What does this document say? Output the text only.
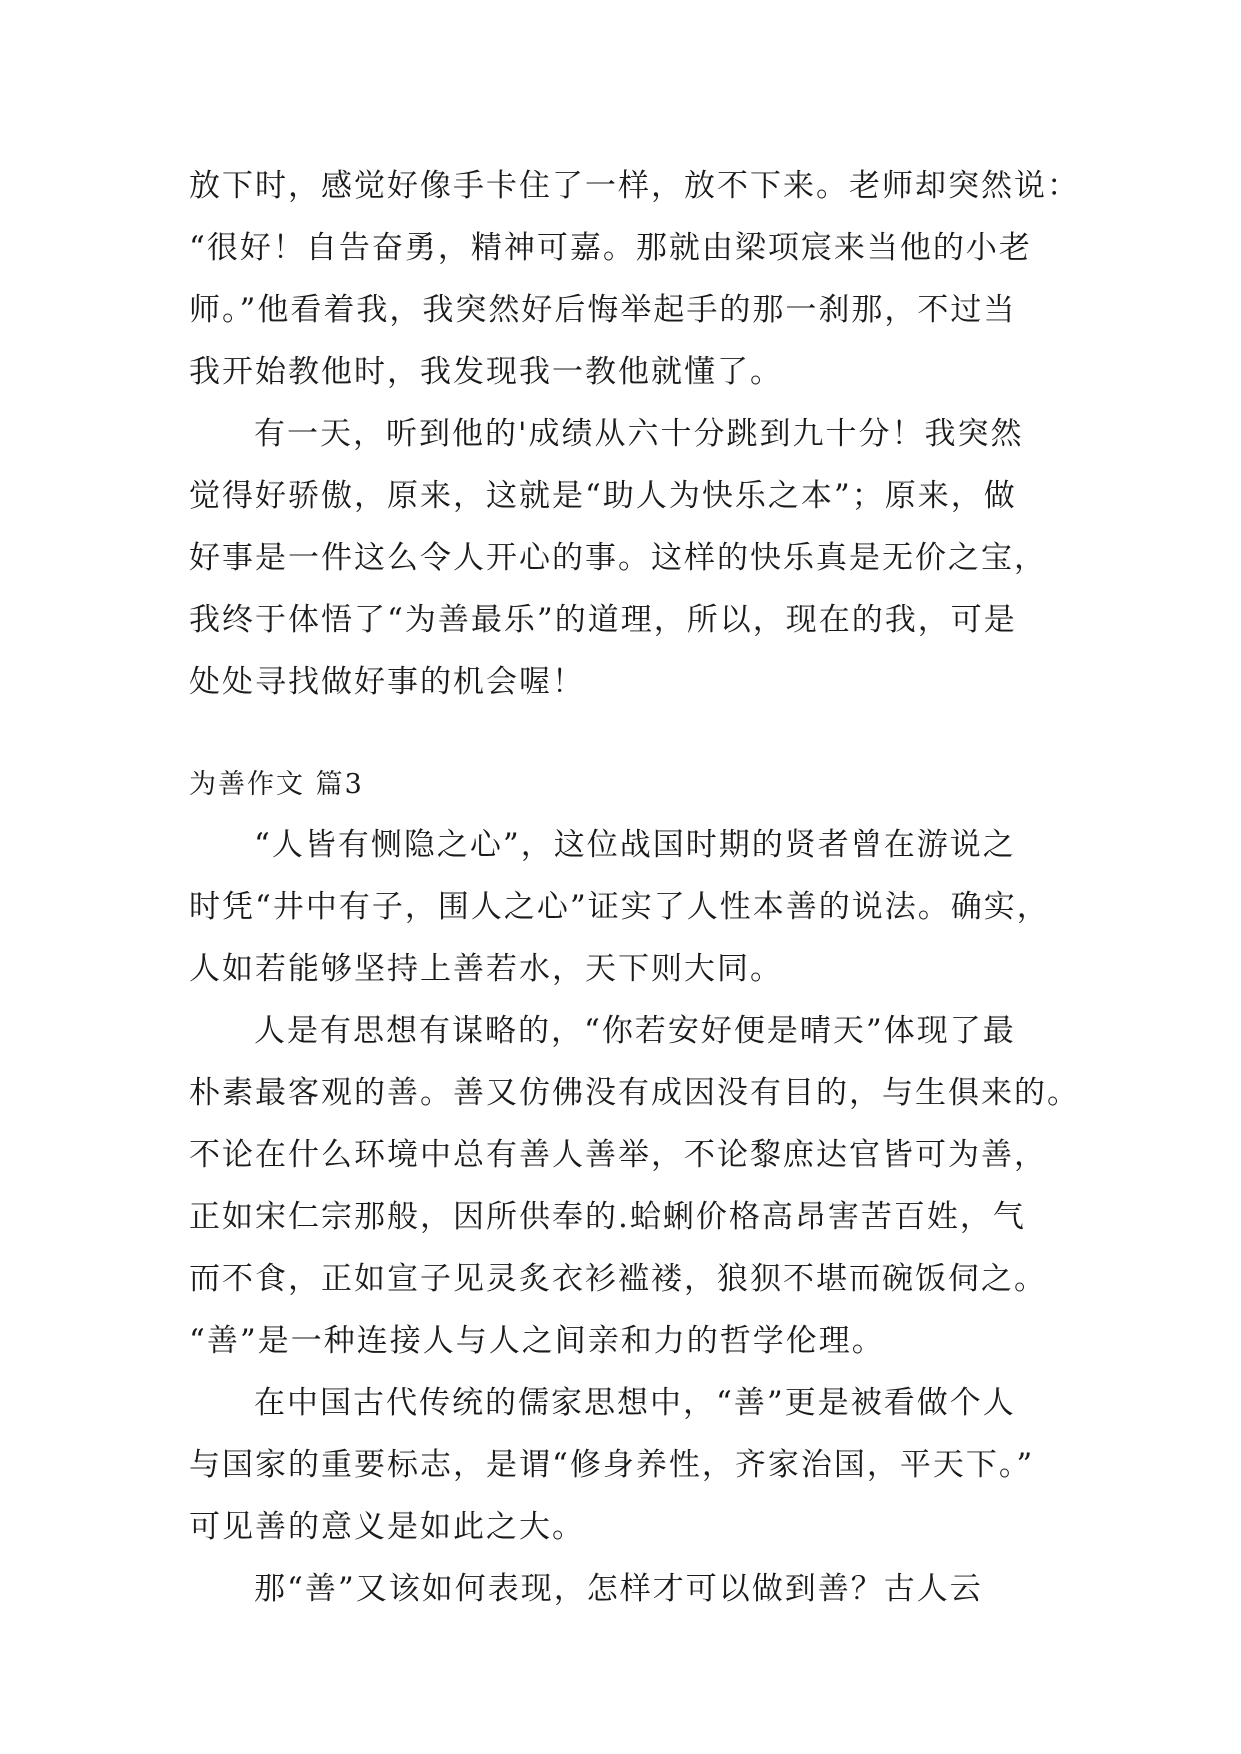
放下时，感觉好像手卡住了一样，放不下来。老师却突然说：
“很好！自告奋勇，精神可嘉。那就由梁项宸来当他的小老
师。”他看着我，我突然好后悔举起手的那一刹那，不过当
我开始教他时，我发现我一教他就懂了。
有一天，听到他的'成绩从六十分跳到九十分！我突然
觉得好骄傲，原来，这就是“助人为快乐之本”；原来，做
好事是一件这么令人开心的事。这样的快乐真是无价之宝，
我终于体悟了“为善最乐”的道理，所以，现在的我，可是
处处寻找做好事的机会喔！
为善作文 篇3
“人皆有恻隐之心”，这位战国时期的贤者曾在游说之
时凭“井中有子，围人之心”证实了人性本善的说法。确实，
人如若能够坚持上善若水，天下则大同。
人是有思想有谋略的，“你若安好便是晴天”体现了最
朴素最客观的善。善又仿佛没有成因没有目的，与生俱来的。
不论在什么环境中总有善人善举，不论黎庶达官皆可为善，
正如宋仁宗那般，因所供奉的.蛤蜊价格高昂害苦百姓，气
而不食，正如宣子见灵炙衣衫褴褛，狼狈不堪而碗饭伺之。
“善”是一种连接人与人之间亲和力的哲学伦理。
在中国古代传统的儒家思想中，“善”更是被看做个人
与国家的重要标志，是谓“修身养性，齐家治国，平天下。”
可见善的意义是如此之大。
那“善”又该如何表现，怎样才可以做到善？古人云
